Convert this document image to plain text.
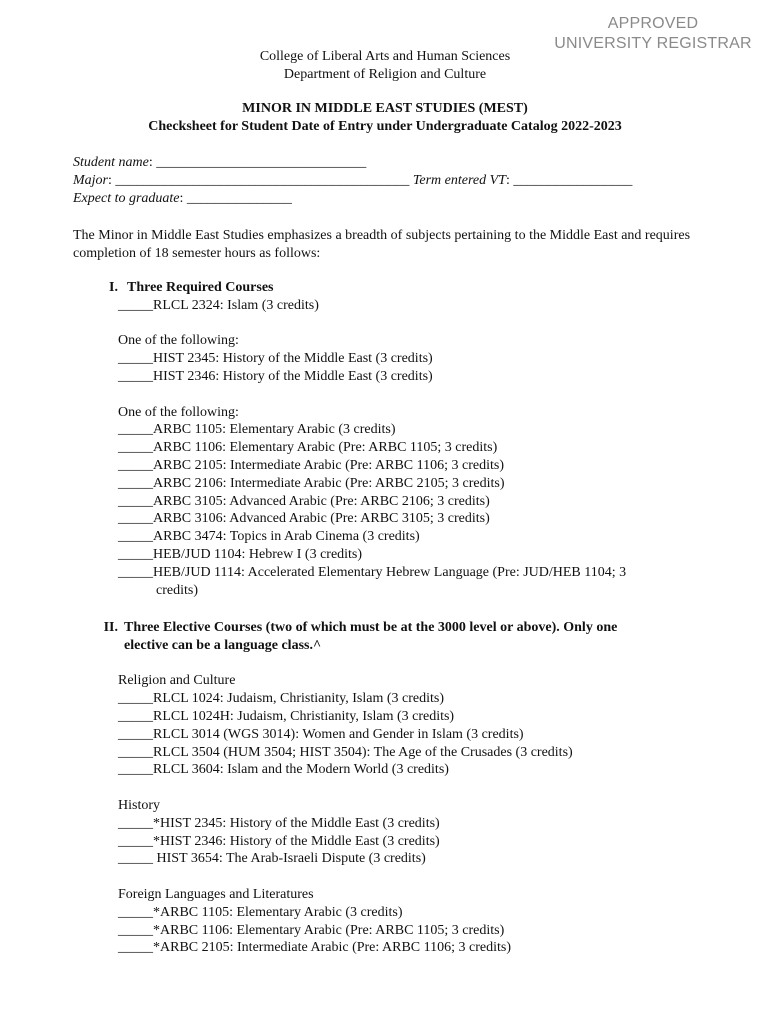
APPROVED
UNIVERSITY REGISTRAR
College of Liberal Arts and Human Sciences
Department of Religion and Culture
MINOR IN MIDDLE EAST STUDIES (MEST)
Checksheet for Student Date of Entry under Undergraduate Catalog 2022-2023
Student name: ______________________________
Major: __________________________________________ Term entered VT: _________________
Expect to graduate: _______________
The Minor in Middle East Studies emphasizes a breadth of subjects pertaining to the Middle East and requires completion of 18 semester hours as follows:
I. Three Required Courses
_____RLCL 2324: Islam (3 credits)
One of the following:
_____HIST 2345: History of the Middle East (3 credits)
_____HIST 2346: History of the Middle East (3 credits)
One of the following:
_____ARBC 1105: Elementary Arabic (3 credits)
_____ARBC 1106: Elementary Arabic (Pre: ARBC 1105; 3 credits)
_____ARBC 2105: Intermediate Arabic (Pre: ARBC 1106; 3 credits)
_____ARBC 2106: Intermediate Arabic (Pre: ARBC 2105; 3 credits)
_____ARBC 3105: Advanced Arabic (Pre: ARBC 2106; 3 credits)
_____ARBC 3106: Advanced Arabic (Pre: ARBC 3105; 3 credits)
_____ARBC 3474: Topics in Arab Cinema (3 credits)
_____HEB/JUD 1104: Hebrew I (3 credits)
_____HEB/JUD 1114: Accelerated Elementary Hebrew Language (Pre: JUD/HEB 1104; 3
credits)
II. Three Elective Courses (two of which must be at the 3000 level or above). Only one
elective can be a language class.^
Religion and Culture
_____RLCL 1024: Judaism, Christianity, Islam (3 credits)
_____RLCL 1024H: Judaism, Christianity, Islam (3 credits)
_____RLCL 3014 (WGS 3014): Women and Gender in Islam (3 credits)
_____RLCL 3504 (HUM 3504; HIST 3504): The Age of the Crusades (3 credits)
_____RLCL 3604: Islam and the Modern World (3 credits)
History
_____*HIST 2345: History of the Middle East (3 credits)
_____*HIST 2346: History of the Middle East (3 credits)
_____ HIST 3654: The Arab-Israeli Dispute (3 credits)
Foreign Languages and Literatures
_____*ARBC 1105: Elementary Arabic (3 credits)
_____*ARBC 1106: Elementary Arabic (Pre: ARBC 1105; 3 credits)
_____*ARBC 2105: Intermediate Arabic (Pre: ARBC 1106; 3 credits)
